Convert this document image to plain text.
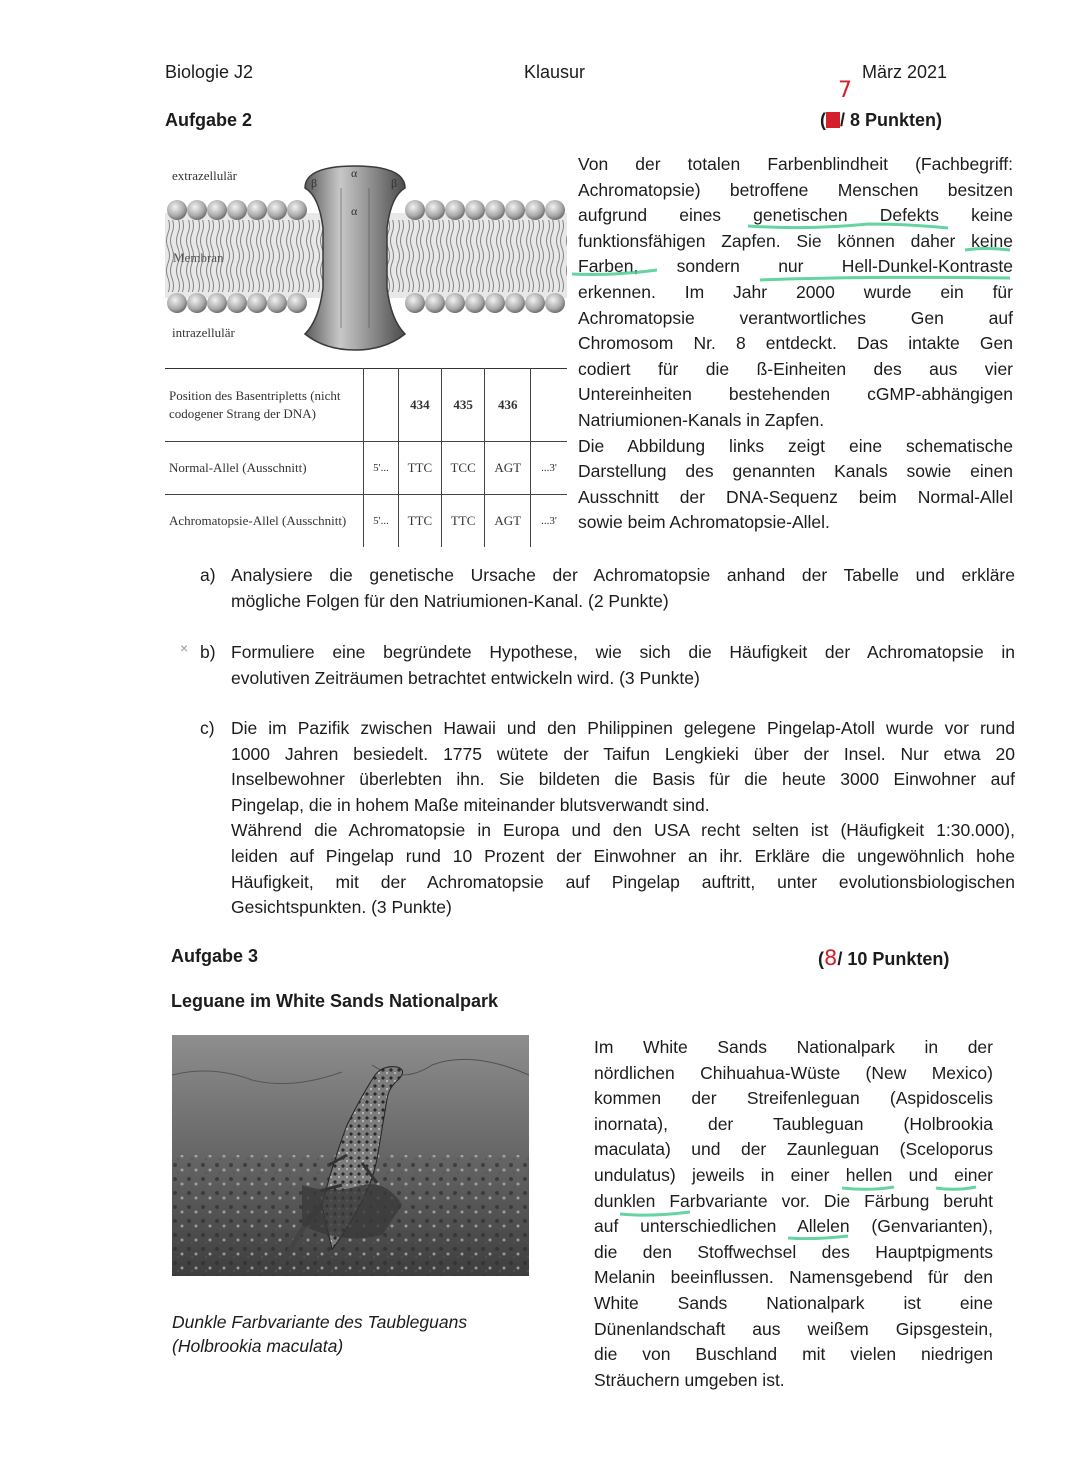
Biologie J2	Klausur	März 2021
Aufgabe 2
7
( / 8 Punkten)
extrazellulär
Membran
intrazellulär
α
α
β	β
Position des Basentripletts (nicht codogener Strang der DNA)		434	435	436	
Normal-Allel (Ausschnitt)	5'...	TTC	TCC	AGT	...3'
Achromatopsie-Allel (Ausschnitt)	5'...	TTC	TTC	AGT	...3'
Von der totalen Farbenblindheit (Fachbegriff:
Achromatopsie) betroffene Menschen besitzen
aufgrund eines genetischen Defekts keine
funktionsfähigen Zapfen. Sie können daher keine
Farben, sondern nur Hell-Dunkel-Kontraste
erkennen. Im Jahr 2000 wurde ein für
Achromatopsie verantwortliches Gen auf
Chromosom Nr. 8 entdeckt. Das intakte Gen
codiert für die ß-Einheiten des aus vier
Untereinheiten bestehenden cGMP-abhängigen
Natriumionen-Kanals in Zapfen.
Die Abbildung links zeigt eine schematische
Darstellung des genannten Kanals sowie einen
Ausschnitt der DNA-Sequenz beim Normal-Allel
sowie beim Achromatopsie-Allel.
a) Analysiere die genetische Ursache der Achromatopsie anhand der Tabelle und erkläre
mögliche Folgen für den Natriumionen-Kanal. (2 Punkte)
× b) Formuliere eine begründete Hypothese, wie sich die Häufigkeit der Achromatopsie in
evolutiven Zeiträumen betrachtet entwickeln wird. (3 Punkte)
c) Die im Pazifik zwischen Hawaii und den Philippinen gelegene Pingelap-Atoll wurde vor rund
1000 Jahren besiedelt. 1775 wütete der Taifun Lengkieki über der Insel. Nur etwa 20
Inselbewohner überlebten ihn. Sie bildeten die Basis für die heute 3000 Einwohner auf
Pingelap, die in hohem Maße miteinander blutsverwandt sind.
Während die Achromatopsie in Europa und den USA recht selten ist (Häufigkeit 1:30.000),
leiden auf Pingelap rund 10 Prozent der Einwohner an ihr. Erkläre die ungewöhnlich hohe
Häufigkeit, mit der Achromatopsie auf Pingelap auftritt, unter evolutionsbiologischen
Gesichtspunkten. (3 Punkte)
Aufgabe 3	(8/ 10 Punkten)
Leguane im White Sands Nationalpark
Dunkle Farbvariante des Taubleguans
(Holbrookia maculata)
Im White Sands Nationalpark in der
nördlichen Chihuahua-Wüste (New Mexico)
kommen der Streifenleguan (Aspidoscelis
inornata), der Taubleguan (Holbrookia
maculata) und der Zaunleguan (Sceloporus
undulatus) jeweils in einer hellen und einer
dunklen Farbvariante vor. Die Färbung beruht
auf unterschiedlichen Allelen (Genvarianten),
die den Stoffwechsel des Hauptpigments
Melanin beeinflussen. Namensgebend für den
White Sands Nationalpark ist eine
Dünenlandschaft aus weißem Gipsgestein,
die von Buschland mit vielen niedrigen
Sträuchern umgeben ist.
